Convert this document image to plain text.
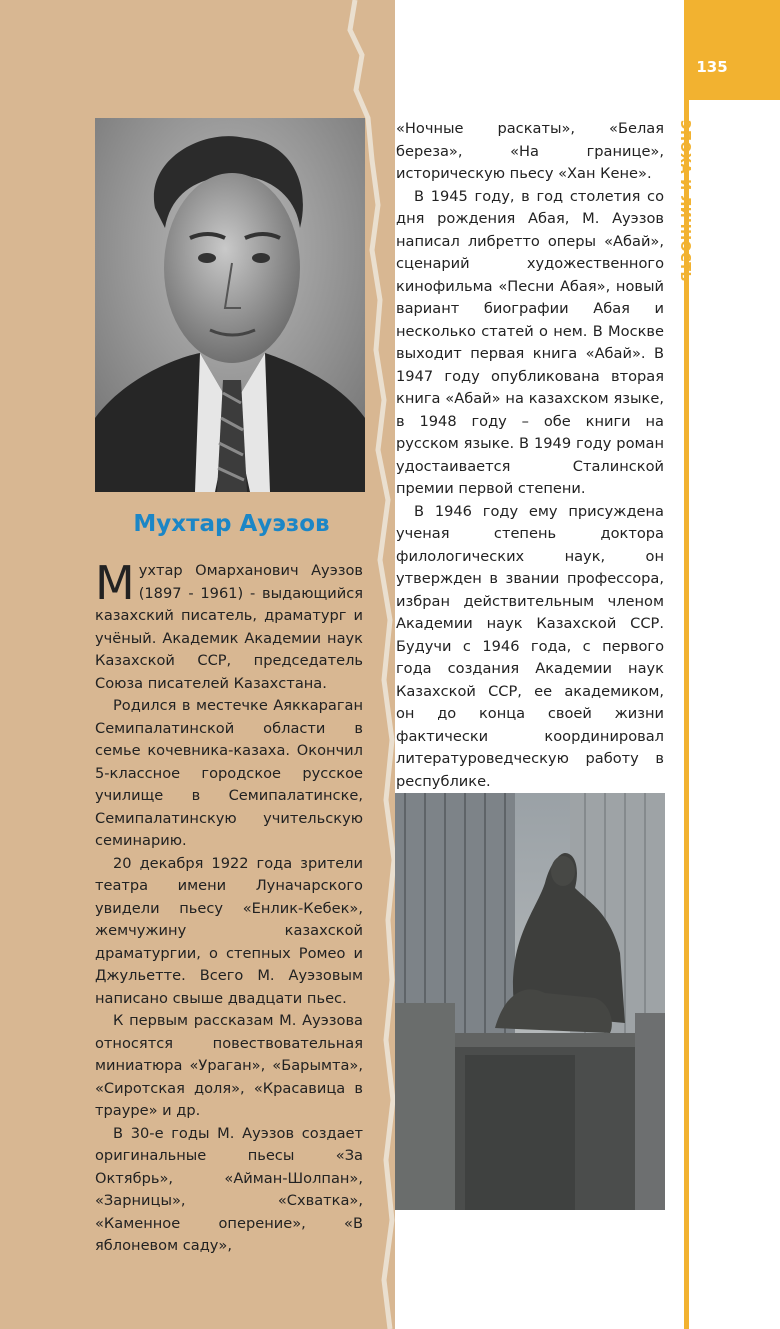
135
ЭПОХА И ЛИЧНОСТЬ
Мухтар Ауэзов

Мухтар Омарханович Ауэзов (1897 - 1961) - выдающийся казахский писатель, драматург и учёный. Академик Академии наук Казахской ССР, председатель Союза писателей Казахстана.

Родился в местечке Аяккараган Семипалатинской области в семье кочевника-казаха. Окончил 5-классное городское русское училище в Семипалатинске, Семипалатинскую учительскую семинарию.

20 декабря 1922 года зрители театра имени Луначарского увидели пьесу «Енлик-Кебек», жемчужину казахской драматургии, о степных Ромео и Джульетте. Всего М. Ауэзовым написано свыше двадцати пьес.

К первым рассказам М. Ауэзова относятся повествовательная миниатюра «Ураган», «Барымта», «Сиротская доля», «Красавица в трауре» и др.

В 30-е годы М. Ауэзов создает оригинальные пьесы «За Октябрь», «Айман-Шолпан», «Зарницы», «Схватка», «Каменное оперение», «В яблоневом саду»,

«Ночные раскаты», «Белая береза», «На границе», историческую пьесу «Хан Кене».

В 1945 году, в год столетия со дня рождения Абая, М. Ауэзов написал либретто оперы «Абай», сценарий художественного кинофильма «Песни Абая», новый вариант биографии Абая и несколько статей о нем. В Москве выходит первая книга «Абай». В 1947 году опубликована вторая книга «Абай» на казахском языке, в 1948 году – обе книги на русском языке. В 1949 году роман удостаивается Сталинской премии первой степени.

В 1946 году ему присуждена ученая степень доктора филологических наук, он утвержден в звании профессора, избран действительным членом Академии наук Казахской ССР. Будучи с 1946 года, с первого года создания Академии наук Казахской ССР, ее академиком, он до конца своей жизни фактически координировал литературоведческую работу в республике.
